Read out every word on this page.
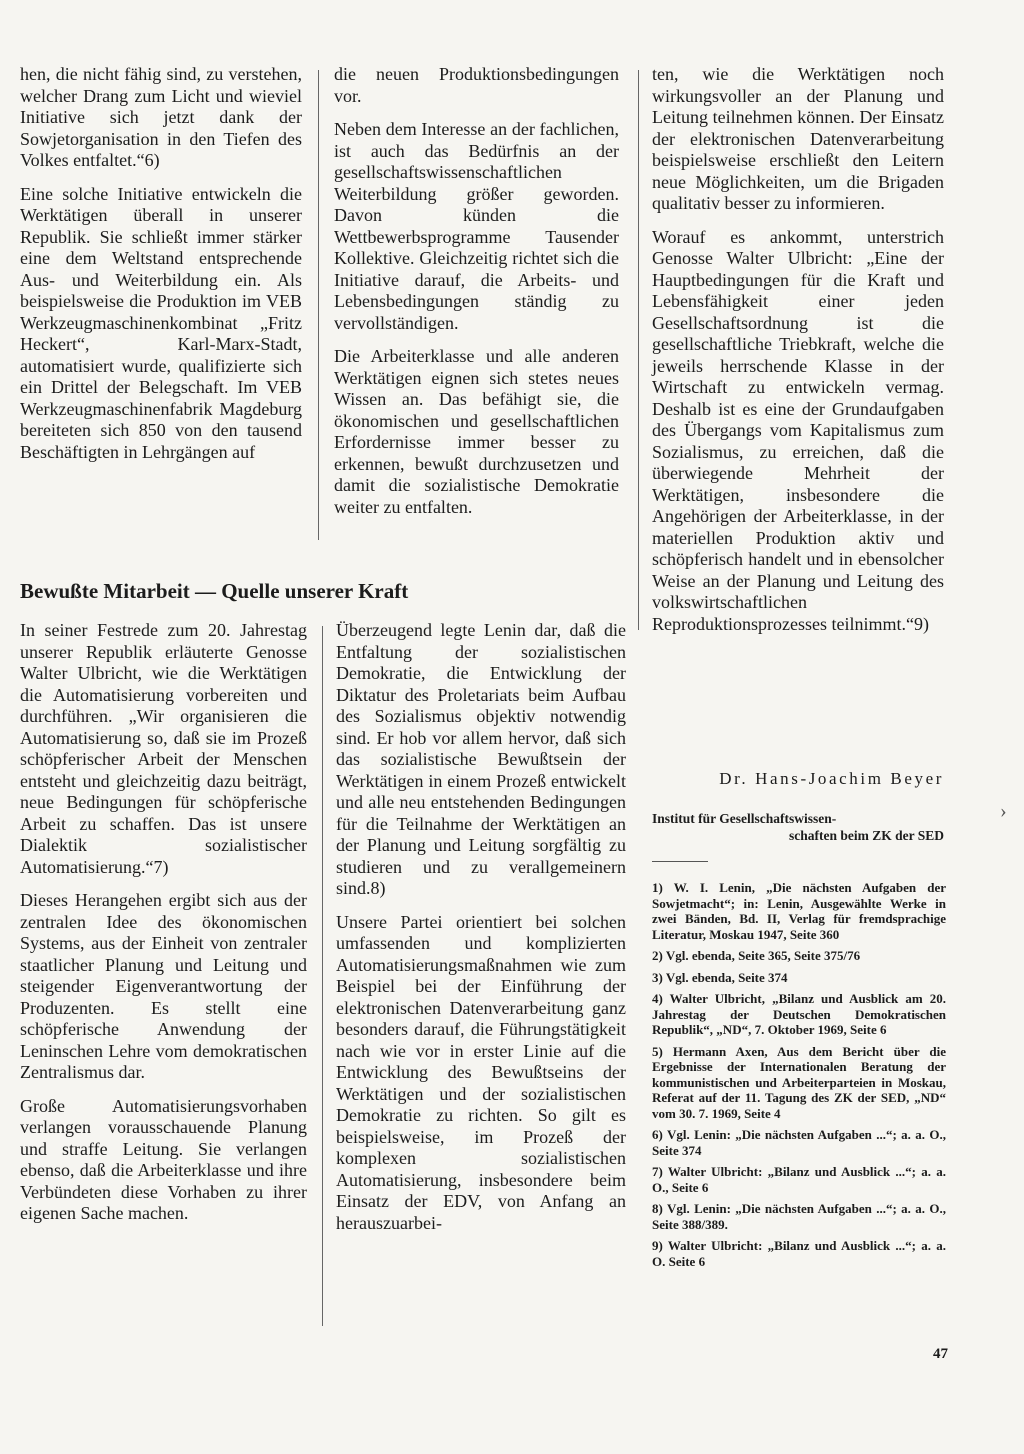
hen, die nicht fähig sind, zu verstehen, welcher Drang zum Licht und wieviel Initiative sich jetzt dank der Sowjetorganisation in den Tiefen des Volkes entfaltet.“6)

Eine solche Initiative entwickeln die Werktätigen überall in unserer Republik. Sie schließt immer stärker eine dem Weltstand entsprechende Aus- und Weiterbildung ein. Als beispielsweise die Produktion im VEB Werkzeugmaschinenkombinat „Fritz Heckert“, Karl-Marx-Stadt, automatisiert wurde, qualifizierte sich ein Drittel der Belegschaft. Im VEB Werkzeugmaschinenfabrik Magdeburg bereiteten sich 850 von den tausend Beschäftigten in Lehrgängen auf

die neuen Produktionsbedingungen vor.

Neben dem Interesse an der fachlichen, ist auch das Bedürfnis an der gesellschaftswissenschaftlichen Weiterbildung größer geworden. Davon künden die Wettbewerbsprogramme Tausender Kollektive. Gleichzeitig richtet sich die Initiative darauf, die Arbeits- und Lebensbedingungen ständig zu vervollständigen.

Die Arbeiterklasse und alle anderen Werktätigen eignen sich stetes neues Wissen an. Das befähigt sie, die ökonomischen und gesellschaftlichen Erfordernisse immer besser zu erkennen, bewußt durchzusetzen und damit die sozialistische Demokratie weiter zu entfalten.

ten, wie die Werktätigen noch wirkungsvoller an der Planung und Leitung teilnehmen können. Der Einsatz der elektronischen Datenverarbeitung beispielsweise erschließt den Leitern neue Möglichkeiten, um die Brigaden qualitativ besser zu informieren.

Worauf es ankommt, unterstrich Genosse Walter Ulbricht: „Eine der Hauptbedingungen für die Kraft und Lebensfähigkeit einer jeden Gesellschaftsordnung ist die gesellschaftliche Triebkraft, welche die jeweils herrschende Klasse in der Wirtschaft zu entwickeln vermag. Deshalb ist es eine der Grundaufgaben des Übergangs vom Kapitalismus zum Sozialismus, zu erreichen, daß die überwiegende Mehrheit der Werktätigen, insbesondere die Angehörigen der Arbeiterklasse, in der materiellen Produktion aktiv und schöpferisch handelt und in ebensolcher Weise an der Planung und Leitung des volkswirtschaftlichen Reproduktionsprozesses teilnimmt.“9)

Bewußte Mitarbeit — Quelle unserer Kraft

In seiner Festrede zum 20. Jahrestag unserer Republik erläuterte Genosse Walter Ulbricht, wie die Werktätigen die Automatisierung vorbereiten und durchführen. „Wir organisieren die Automatisierung so, daß sie im Prozeß schöpferischer Arbeit der Menschen entsteht und gleichzeitig dazu beiträgt, neue Bedingungen für schöpferische Arbeit zu schaffen. Das ist unsere Dialektik sozialistischer Automatisierung.“7)

Dieses Herangehen ergibt sich aus der zentralen Idee des ökonomischen Systems, aus der Einheit von zentraler staatlicher Planung und Leitung und steigender Eigenverantwortung der Produzenten. Es stellt eine schöpferische Anwendung der Leninschen Lehre vom demokratischen Zentralismus dar.

Große Automatisierungsvorhaben verlangen vorausschauende Planung und straffe Leitung. Sie verlangen ebenso, daß die Arbeiterklasse und ihre Verbündeten diese Vorhaben zu ihrer eigenen Sache machen.

Überzeugend legte Lenin dar, daß die Entfaltung der sozialistischen Demokratie, die Entwicklung der Diktatur des Proletariats beim Aufbau des Sozialismus objektiv notwendig sind. Er hob vor allem hervor, daß sich das sozialistische Bewußtsein der Werktätigen in einem Prozeß entwickelt und alle neu entstehenden Bedingungen für die Teilnahme der Werktätigen an der Planung und Leitung sorgfältig zu studieren und zu verallgemeinern sind.8)

Unsere Partei orientiert bei solchen umfassenden und komplizierten Automatisierungsmaßnahmen wie zum Beispiel bei der Einführung der elektronischen Datenverarbeitung ganz besonders darauf, die Führungstätigkeit nach wie vor in erster Linie auf die Entwicklung des Bewußtseins der Werktätigen und der sozialistischen Demokratie zu richten. So gilt es beispielsweise, im Prozeß der komplexen sozialistischen Automatisierung, insbesondere beim Einsatz der EDV, von Anfang an herauszuarbei-

Dr. Hans-Joachim Beyer
Institut für Gesellschaftswissen-
schaften beim ZK der SED

1) W. I. Lenin, „Die nächsten Aufgaben der Sowjetmacht“; in: Lenin, Ausgewählte Werke in zwei Bänden, Bd. II, Verlag für fremdsprachige Literatur, Moskau 1947, Seite 360

2) Vgl. ebenda, Seite 365, Seite 375/76

3) Vgl. ebenda, Seite 374

4) Walter Ulbricht, „Bilanz und Ausblick am 20. Jahrestag der Deutschen Demokratischen Republik“, „ND“, 7. Oktober 1969, Seite 6

5) Hermann Axen, Aus dem Bericht über die Ergebnisse der Internationalen Beratung der kommunistischen und Arbeiterparteien in Moskau, Referat auf der 11. Tagung des ZK der SED, „ND“ vom 30. 7. 1969, Seite 4

6) Vgl. Lenin: „Die nächsten Aufgaben ...“; a. a. O., Seite 374

7) Walter Ulbricht: „Bilanz und Ausblick ...“; a. a. O., Seite 6

8) Vgl. Lenin: „Die nächsten Aufgaben ...“; a. a. O., Seite 388/389.

9) Walter Ulbricht: „Bilanz und Ausblick ...“; a. a. O. Seite 6

47
›
